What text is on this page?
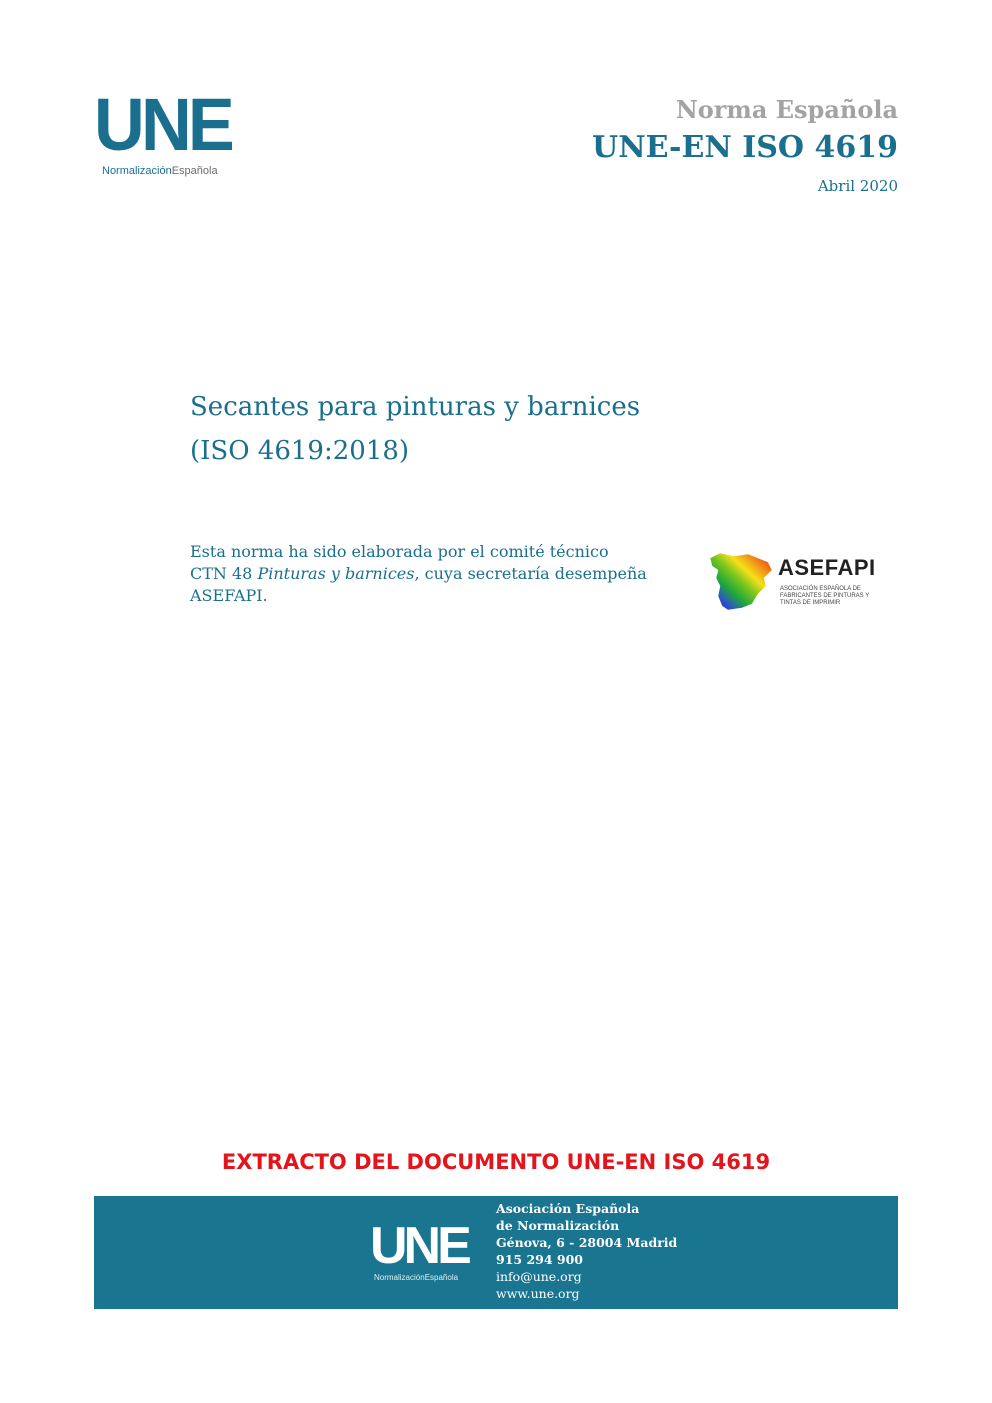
UNE
NormalizaciónEspañola
Norma Española
UNE-EN ISO 4619
Abril 2020
Secantes para pinturas y barnices
(ISO 4619:2018)
Esta norma ha sido elaborada por el comité técnico
CTN 48 Pinturas y barnices, cuya secretaría desempeña
ASEFAPI.
ASEFAPI
ASOCIACIÓN ESPAÑOLA DE FABRICANTES DE PINTURAS Y TINTAS DE IMPRIMIR
EXTRACTO DEL DOCUMENTO UNE-EN ISO 4619
UNE
NormalizaciónEspañola
Asociación Española
de Normalización
Génova, 6 - 28004 Madrid
915 294 900
info@une.org
www.une.org
